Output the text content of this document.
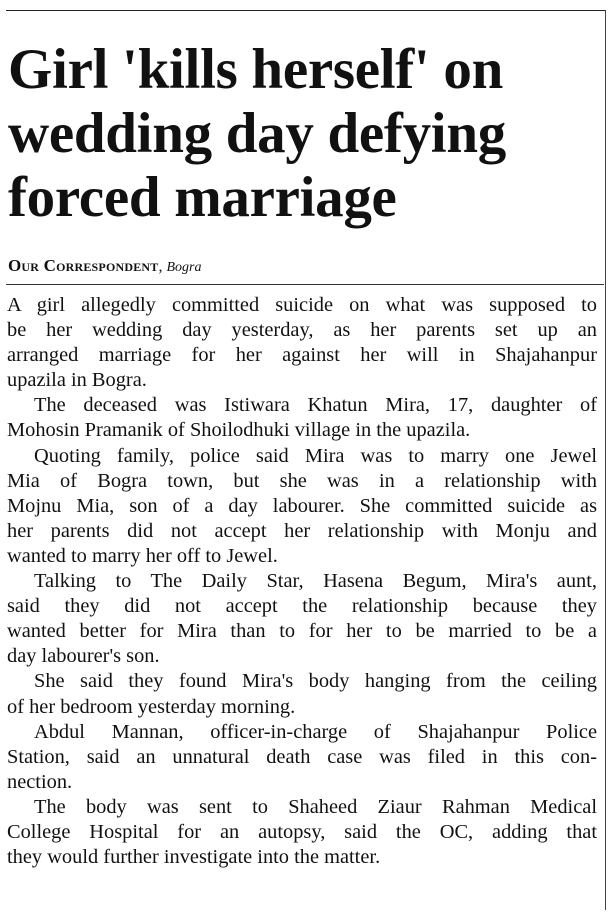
Girl 'kills herself' on
wedding day defying
forced marriage
Our Correspondent, Bogra

A girl allegedly committed suicide on what was supposed to
be her wedding day yesterday, as her parents set up an
arranged marriage for her against her will in Shajahanpur
upazila in Bogra.

The deceased was Istiwara Khatun Mira, 17, daughter of
Mohosin Pramanik of Shoilodhuki village in the upazila.

Quoting family, police said Mira was to marry one Jewel
Mia of Bogra town, but she was in a relationship with
Mojnu Mia, son of a day labourer. She committed suicide as
her parents did not accept her relationship with Monju and
wanted to marry her off to Jewel.

Talking to The Daily Star, Hasena Begum, Mira's aunt,
said they did not accept the relationship because they
wanted better for Mira than to for her to be married to be a
day labourer's son.

She said they found Mira's body hanging from the ceiling
of her bedroom yesterday morning.

Abdul Mannan, officer-in-charge of Shajahanpur Police
Station, said an unnatural death case was filed in this con-
nection.

The body was sent to Shaheed Ziaur Rahman Medical
College Hospital for an autopsy, said the OC, adding that
they would further investigate into the matter.
